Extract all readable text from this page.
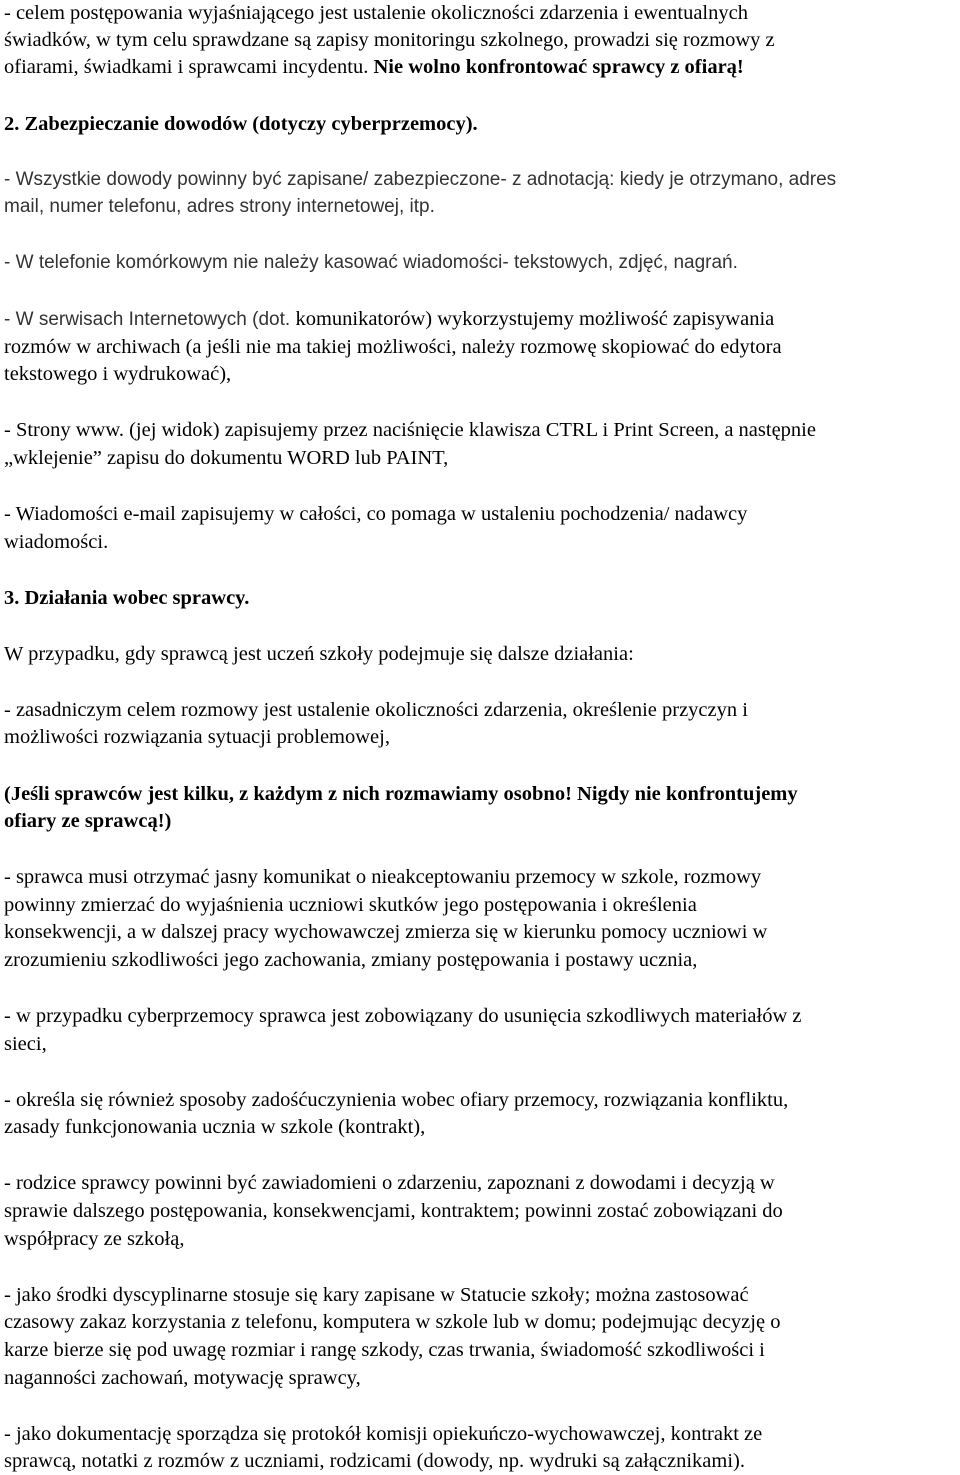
- celem postępowania wyjaśniającego jest ustalenie okoliczności zdarzenia i ewentualnych
świadków, w tym celu sprawdzane są zapisy monitoringu szkolnego, prowadzi się rozmowy z
ofiarami, świadkami i sprawcami incydentu. Nie wolno konfrontować sprawcy z ofiarą!
2. Zabezpieczanie dowodów (dotyczy cyberprzemocy).
- Wszystkie dowody powinny być zapisane/ zabezpieczone- z adnotacją: kiedy je otrzymano, adres
mail, numer telefonu, adres strony internetowej, itp.
- W telefonie komórkowym nie należy kasować wiadomości- tekstowych, zdjęć, nagrań.
- W serwisach Internetowych (dot. komunikatorów) wykorzystujemy możliwość zapisywania
rozmów w archiwach (a jeśli nie ma takiej możliwości, należy rozmowę skopiować do edytora
tekstowego i wydrukować),
- Strony www. (jej widok) zapisujemy przez naciśnięcie klawisza CTRL i Print Screen, a następnie
„wklejenie” zapisu do dokumentu WORD lub PAINT,
- Wiadomości e-mail zapisujemy w całości, co pomaga w ustaleniu pochodzenia/ nadawcy
wiadomości.
3. Działania wobec sprawcy.
W przypadku, gdy sprawcą jest uczeń szkoły podejmuje się dalsze działania:
- zasadniczym celem rozmowy jest ustalenie okoliczności zdarzenia, określenie przyczyn i
możliwości rozwiązania sytuacji problemowej,
(Jeśli sprawców jest kilku, z każdym z nich rozmawiamy osobno! Nigdy nie konfrontujemy
ofiary ze sprawcą!)
- sprawca musi otrzymać jasny komunikat o nieakceptowaniu przemocy w szkole, rozmowy
powinny zmierzać do wyjaśnienia uczniowi skutków jego postępowania i określenia
konsekwencji, a w dalszej pracy wychowawczej zmierza się w kierunku pomocy uczniowi w
zrozumieniu szkodliwości jego zachowania, zmiany postępowania i postawy ucznia,
- w przypadku cyberprzemocy sprawca jest zobowiązany do usunięcia szkodliwych materiałów z
sieci,
- określa się również sposoby zadośćuczynienia wobec ofiary przemocy, rozwiązania konfliktu,
zasady funkcjonowania ucznia w szkole (kontrakt),
- rodzice sprawcy powinni być zawiadomieni o zdarzeniu, zapoznani z dowodami i decyzją w
sprawie dalszego postępowania, konsekwencjami, kontraktem; powinni zostać zobowiązani do
współpracy ze szkołą,
- jako środki dyscyplinarne stosuje się kary zapisane w Statucie szkoły; można zastosować
czasowy zakaz korzystania z telefonu, komputera w szkole lub w domu; podejmując decyzję o
karze bierze się pod uwagę rozmiar i rangę szkody, czas trwania, świadomość szkodliwości i
naganności zachowań, motywację sprawcy,
- jako dokumentację sporządza się protokół komisji opiekuńczo-wychowawczej, kontrakt ze
sprawcą, notatki z rozmów z uczniami, rodzicami (dowody, np. wydruki są załącznikami).
